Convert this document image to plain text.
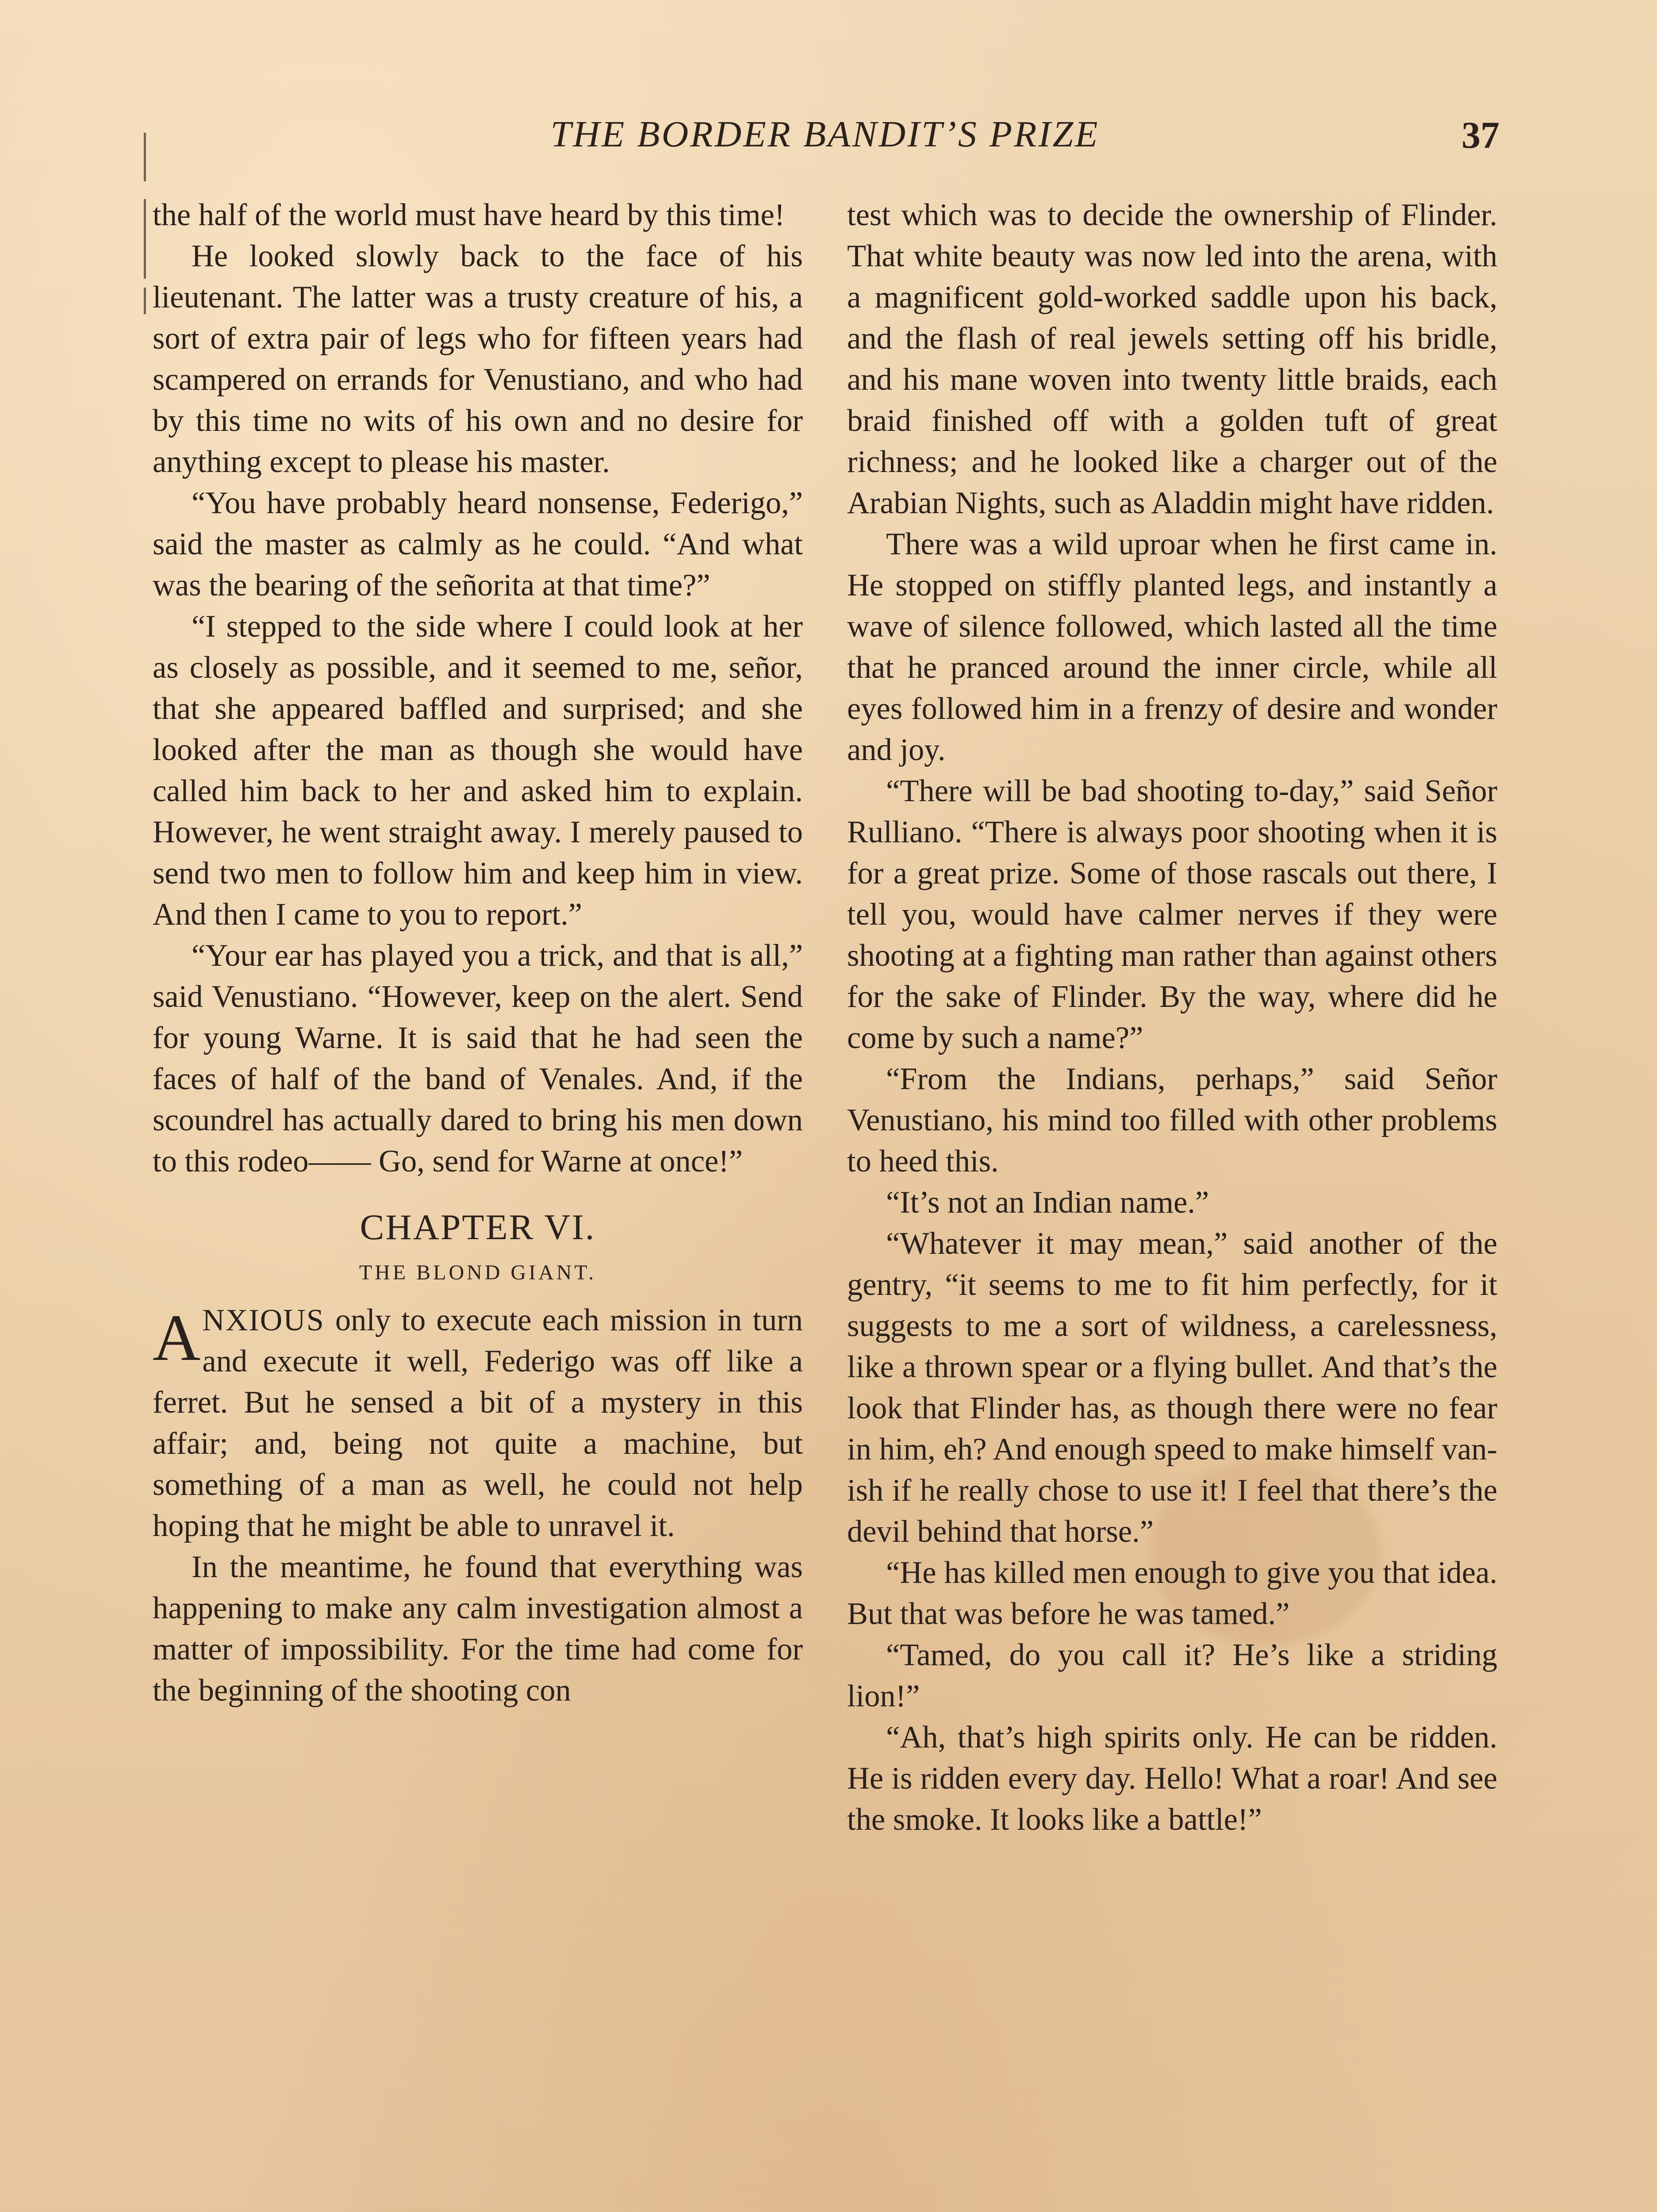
THE BORDER BANDIT’S PRIZE	37

the half of the world must have heard by this time!

He looked slowly back to the face of his lieutenant. The latter was a trusty creature of his, a sort of extra pair of legs who for fifteen years had scampered on errands for Venustiano, and who had by this time no wits of his own and no desire for anything except to please his master.

“You have probably heard nonsense, Federigo,” said the master as calmly as he could. “And what was the bearing of the señorita at that time?”

“I stepped to the side where I could look at her as closely as possible, and it seemed to me, señor, that she appeared baffled and surprised; and she looked after the man as though she would have called him back to her and asked him to explain. However, he went straight away. I merely paused to send two men to follow him and keep him in view. And then I came to you to report.”

“Your ear has played you a trick, and that is all,” said Venustiano. “However, keep on the alert. Send for young Warne. It is said that he had seen the faces of half of the band of Venales. And, if the scoundrel has actually dared to bring his men down to this rodeo—— Go, send for Warne at once!”

CHAPTER VI.
THE BLOND GIANT.

ANXIOUS only to execute each mission in turn and execute it well, Federigo was off like a ferret. But he sensed a bit of a mystery in this affair; and, being not quite a machine, but something of a man as well, he could not help hoping that he might be able to unravel it.

In the meantime, he found that everything was happening to make any calm investigation almost a matter of impossibility. For the time had come for the beginning of the shooting con

test which was to decide the ownership of Flinder. That white beauty was now led into the arena, with a magnificent gold-worked saddle upon his back, and the flash of real jewels setting off his bridle, and his mane woven into twenty little braids, each braid finished off with a golden tuft of great richness; and he looked like a charger out of the Arabian Nights, such as Aladdin might have ridden.

There was a wild uproar when he first came in. He stopped on stiffly planted legs, and instantly a wave of silence followed, which lasted all the time that he pranced around the inner circle, while all eyes followed him in a frenzy of desire and wonder and joy.

“There will be bad shooting to-day,” said Señor Rulliano. “There is always poor shooting when it is for a great prize. Some of those rascals out there, I tell you, would have calmer nerves if they were shooting at a fighting man rather than against others for the sake of Flinder. By the way, where did he come by such a name?”

“From the Indians, perhaps,” said Señor Venustiano, his mind too filled with other problems to heed this.

“It’s not an Indian name.”

“Whatever it may mean,” said another of the gentry, “it seems to me to fit him perfectly, for it suggests to me a sort of wildness, a carelessness, like a thrown spear or a flying bullet. And that’s the look that Flinder has, as though there were no fear in him, eh? And enough speed to make himself vanish if he really chose to use it! I feel that there’s the devil behind that horse.”

“He has killed men enough to give you that idea. But that was before he was tamed.”

“Tamed, do you call it? He’s like a striding lion!”

“Ah, that’s high spirits only. He can be ridden. He is ridden every day. Hello! What a roar! And see the smoke. It looks like a battle!”
